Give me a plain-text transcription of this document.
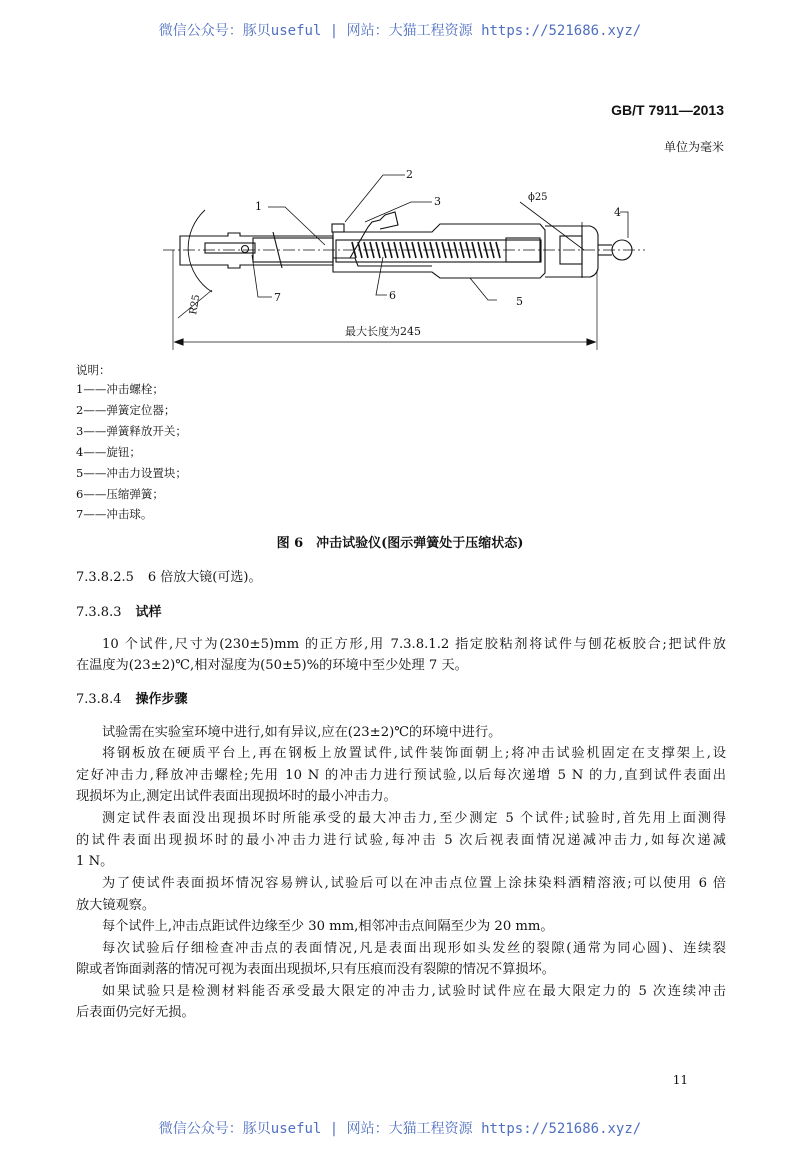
微信公众号：豚贝useful | 网站：大猫工程资源 https://521686.xyz/
GB/T 7911—2013
单位为毫米
1
2
3
4
5
6
7
ϕ25
R25
最大长度为245
说明：
1——冲击螺栓；
2——弹簧定位器；
3——弹簧释放开关；
4——旋钮；
5——冲击力设置块；
6——压缩弹簧；
7——冲击球。
图 6　冲击试验仪(图示弹簧处于压缩状态)
7.3.8.2.5 6 倍放大镜(可选)。
7.3.8.3 试样
10 个试件,尺寸为(230±5)mm 的正方形,用 7.3.8.1.2 指定胶粘剂将试件与刨花板胶合;把试件放
在温度为(23±2)℃,相对湿度为(50±5)%的环境中至少处理 7 天。
7.3.8.4 操作步骤
试验需在实验室环境中进行,如有异议,应在(23±2)℃的环境中进行。
将钢板放在硬质平台上,再在钢板上放置试件,试件装饰面朝上;将冲击试验机固定在支撑架上,设
定好冲击力,释放冲击螺栓;先用 10 N 的冲击力进行预试验,以后每次递增 5 N 的力,直到试件表面出
现损坏为止,测定出试件表面出现损坏时的最小冲击力。
测定试件表面没出现损坏时所能承受的最大冲击力,至少测定 5 个试件;试验时,首先用上面测得
的试件表面出现损坏时的最小冲击力进行试验,每冲击 5 次后视表面情况递减冲击力,如每次递减
1 N。
为了使试件表面损坏情况容易辨认,试验后可以在冲击点位置上涂抹染料酒精溶液;可以使用 6 倍
放大镜观察。
每个试件上,冲击点距试件边缘至少 30 mm,相邻冲击点间隔至少为 20 mm。
每次试验后仔细检查冲击点的表面情况,凡是表面出现形如头发丝的裂隙(通常为同心圆)、连续裂
隙或者饰面剥落的情况可视为表面出现损坏,只有压痕而没有裂隙的情况不算损坏。
如果试验只是检测材料能否承受最大限定的冲击力,试验时试件应在最大限定力的 5 次连续冲击
后表面仍完好无损。
11
微信公众号：豚贝useful | 网站：大猫工程资源 https://521686.xyz/
